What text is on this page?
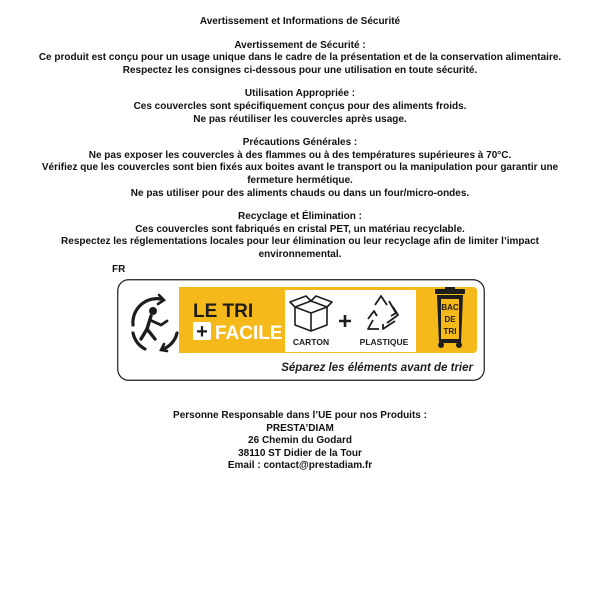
Avertissement et Informations de Sécurité
Avertissement de Sécurité :
Ce produit est conçu pour un usage unique dans le cadre de la présentation et de la conservation alimentaire.
Respectez les consignes ci-dessous pour une utilisation en toute sécurité.
Utilisation Appropriée :
Ces couvercles sont spécifiquement conçus pour des aliments froids.
Ne pas réutiliser les couvercles après usage.
Précautions Générales :
Ne pas exposer les couvercles à des flammes ou à des températures supérieures à 70°C.
Vérifiez que les couvercles sont bien fixés aux boites avant le transport ou la manipulation pour garantir une
fermeture hermétique.
Ne pas utiliser pour des aliments chauds ou dans un four/micro-ondes.
Recyclage et Élimination :
Ces couvercles sont fabriqués en cristal PET, un matériau recyclable.
Respectez les réglementations locales pour leur élimination ou leur recyclage afin de limiter l’impact
environnemental.
FR
LE TRI
+ FACILE CARTON	PLASTIQUE
BAC
DE
TRI
Séparez les éléments avant de trier
Personne Responsable dans l’UE pour nos Produits :
PRESTA’DIAM
26 Chemin du Godard
38110 ST Didier de la Tour
Email : contact@prestadiam.fr
